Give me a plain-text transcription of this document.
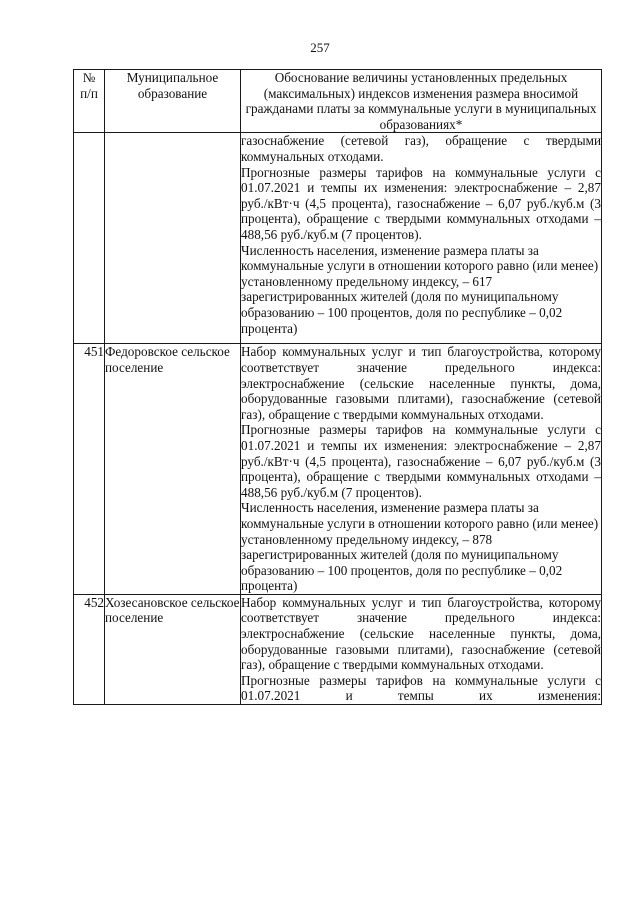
257
№
п/п	Муниципальное образование	Обоснование величины установленных предельных (максимальных) индексов изменения размера вносимой гражданами платы за коммунальные услуги в муниципальных образованиях*

		газоснабжение (сетевой газ), обращение с твердыми коммунальных отходами.

Прогнозные размеры тарифов на коммунальные услуги с 01.07.2021 и темпы их изменения: электроснабжение – 2,87 руб./кВт·ч (4,5 процента), газоснабжение – 6,07 руб./куб.м (3 процента), обращение с твердыми коммунальных отходами – 488,56 руб./куб.м (7 процентов).

Численность населения, изменение размера платы за коммунальные услуги в отношении которого равно (или менее) установленному предельному индексу, – 617 зарегистрированных жителей (доля по муниципальному образованию – 100 процентов, доля по республике – 0,02 процента)

451	Федоровское сельское поселение	Набор коммунальных услуг и тип благоустройства, которому соответствует значение предельного индекса: электроснабжение (сельские населенные пункты, дома, оборудованные газовыми плитами), газоснабжение (сетевой газ), обращение с твердыми коммунальных отходами.

Прогнозные размеры тарифов на коммунальные услуги с 01.07.2021 и темпы их изменения: электроснабжение – 2,87 руб./кВт·ч (4,5 процента), газоснабжение – 6,07 руб./куб.м (3 процента), обращение с твердыми коммунальных отходами – 488,56 руб./куб.м (7 процентов).

Численность населения, изменение размера платы за коммунальные услуги в отношении которого равно (или менее) установленному предельному индексу, – 878 зарегистрированных жителей (доля по муниципальному образованию – 100 процентов, доля по республике – 0,02 процента)

452	Хозесановское сельское поселение	Набор коммунальных услуг и тип благоустройства, которому соответствует значение предельного индекса: электроснабжение (сельские населенные пункты, дома, оборудованные газовыми плитами), газоснабжение (сетевой газ), обращение с твердыми коммунальных отходами.

Прогнозные размеры тарифов на коммунальные услуги с 01.07.2021 и темпы их изменения:
